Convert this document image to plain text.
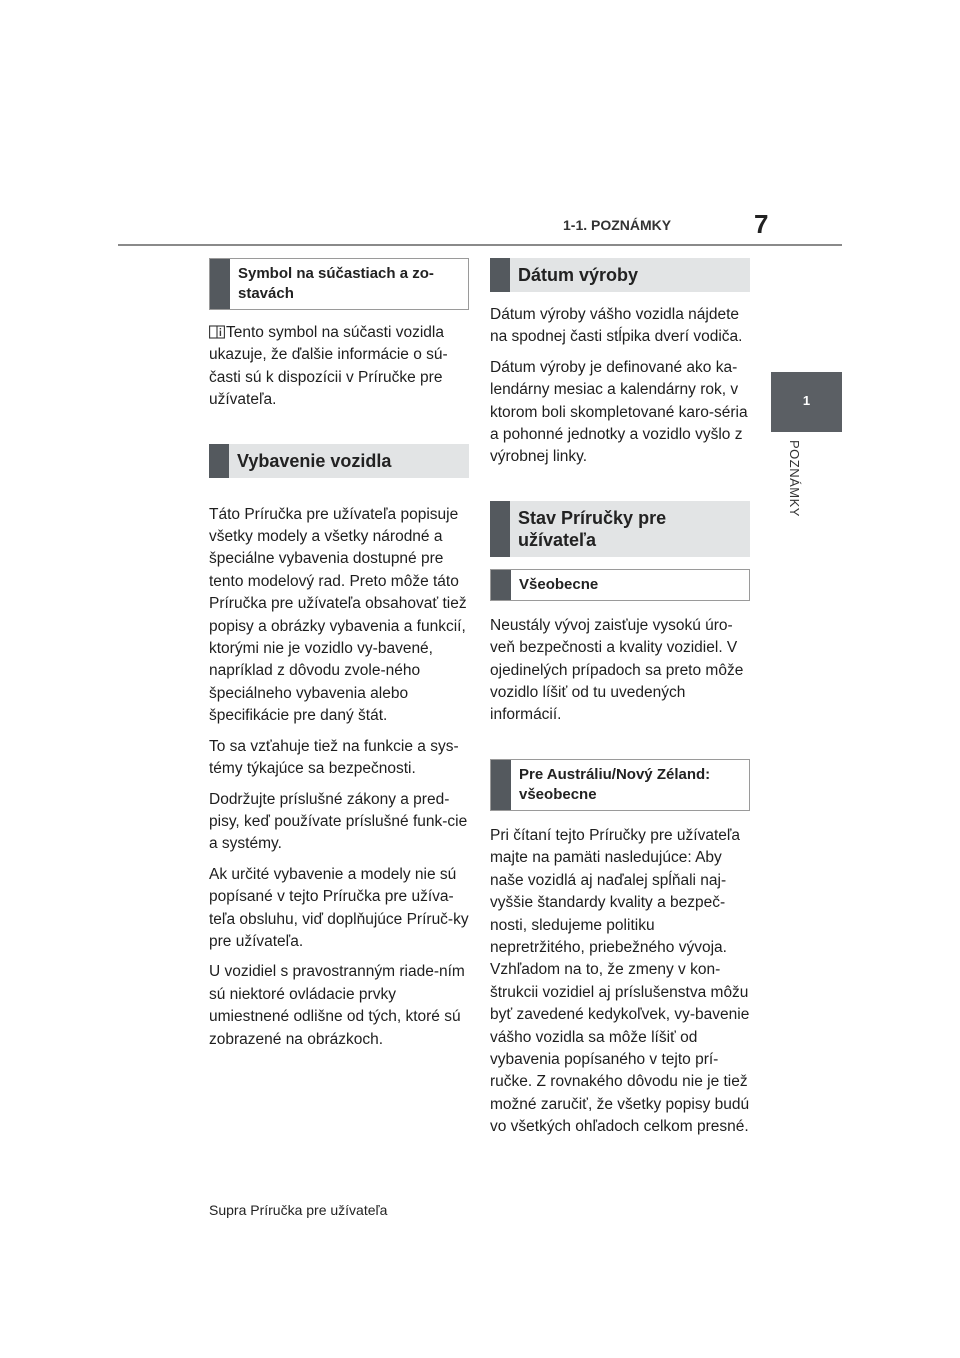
1-1. POZNÁMKY	7
1
POZNÁMKY
Symbol na súčastiach a zo-
stavách

Tento symbol na súčasti vozidla ukazuje, že ďalšie informácie o sú-časti sú k dispozícii v Príručke pre užívateľa.

Vybavenie vozidla

Táto Príručka pre užívateľa popisuje všetky modely a všetky národné a špeciálne vybavenia dostupné pre tento modelový rad. Preto môže táto Príručka pre užívateľa obsahovať tiež popisy a obrázky vybavenia a funkcií, ktorými nie je vozidlo vy-bavené, napríklad z dôvodu zvole-ného špeciálneho vybavenia alebo špecifikácie pre daný štát.

To sa vzťahuje tiež na funkcie a sys-témy týkajúce sa bezpečnosti.

Dodržujte príslušné zákony a pred-pisy, keď používate príslušné funk-cie a systémy.

Ak určité vybavenie a modely nie sú popísané v tejto Príručka pre užíva-teľa obsluhu, viď doplňujúce Príruč-ky pre užívateľa.

U vozidiel s pravostranným riade-ním sú niektoré ovládacie prvky umiestnené odlišne od tých, ktoré sú zobrazené na obrázkoch.

Dátum výroby

Dátum výroby vášho vozidla nájdete na spodnej časti stĺpika dverí vodiča.

Dátum výroby je definované ako ka-lendárny mesiac a kalendárny rok, v ktorom boli skompletované karo-séria a pohonné jednotky a vozidlo vyšlo z výrobnej linky.

Stav Príručky pre užívateľa
Všeobecne

Neustály vývoj zaisťuje vysokú úro-veň bezpečnosti a kvality vozidiel. V ojedinelých prípadoch sa preto môže vozidlo líšiť od tu uvedených informácií.

Pre Austráliu/Nový Zéland: všeobecne

Pri čítaní tejto Príručky pre užívateľa majte na pamäti nasledujúce: Aby naše vozidlá aj naďalej spĺňali naj-vyššie štandardy kvality a bezpeč-nosti, sledujeme politiku nepretržitého, priebežného vývoja. Vzhľadom na to, že zmeny v kon-štrukcii vozidiel aj príslušenstva môžu byť zavedené kedykoľvek, vy-bavenie vášho vozidla sa môže líšiť od vybavenia popísaného v tejto prí-ručke. Z rovnakého dôvodu nie je tiež možné zaručiť, že všetky popisy budú vo všetkých ohľadoch celkom presné.

Supra Príručka pre užívateľa
